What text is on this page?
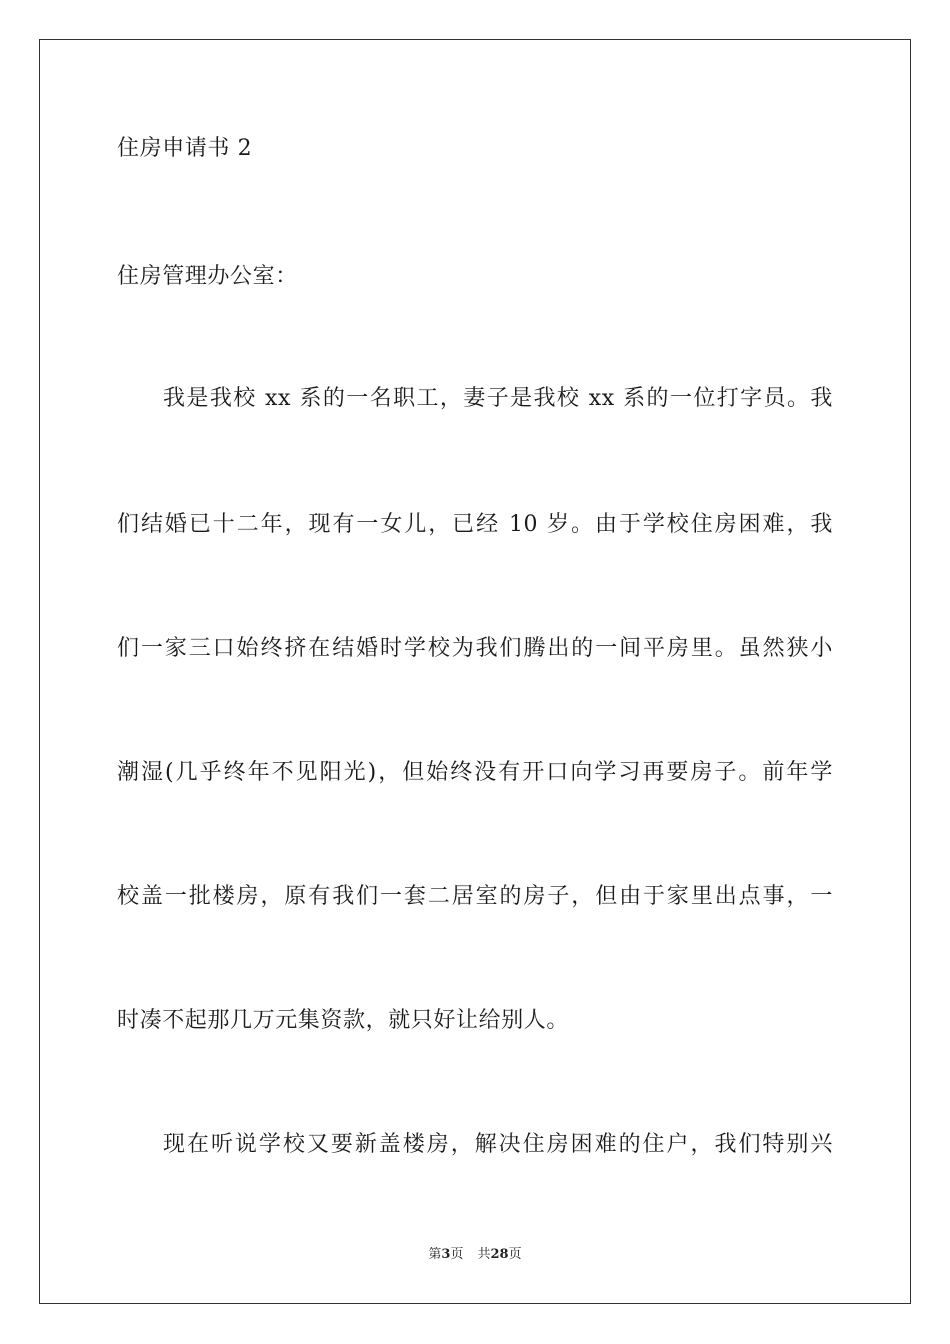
住房申请书 2
住房管理办公室：
我是我校 xx 系的一名职工，妻子是我校 xx 系的一位打字员。我
们结婚已十二年，现有一女儿，已经 10 岁。由于学校住房困难，我
们一家三口始终挤在结婚时学校为我们腾出的一间平房里。虽然狭小
潮湿(几乎终年不见阳光)，但始终没有开口向学习再要房子。前年学
校盖一批楼房，原有我们一套二居室的房子，但由于家里出点事，一
时凑不起那几万元集资款，就只好让给别人。
现在听说学校又要新盖楼房，解决住房困难的住户，我们特别兴
第3页 共28页
